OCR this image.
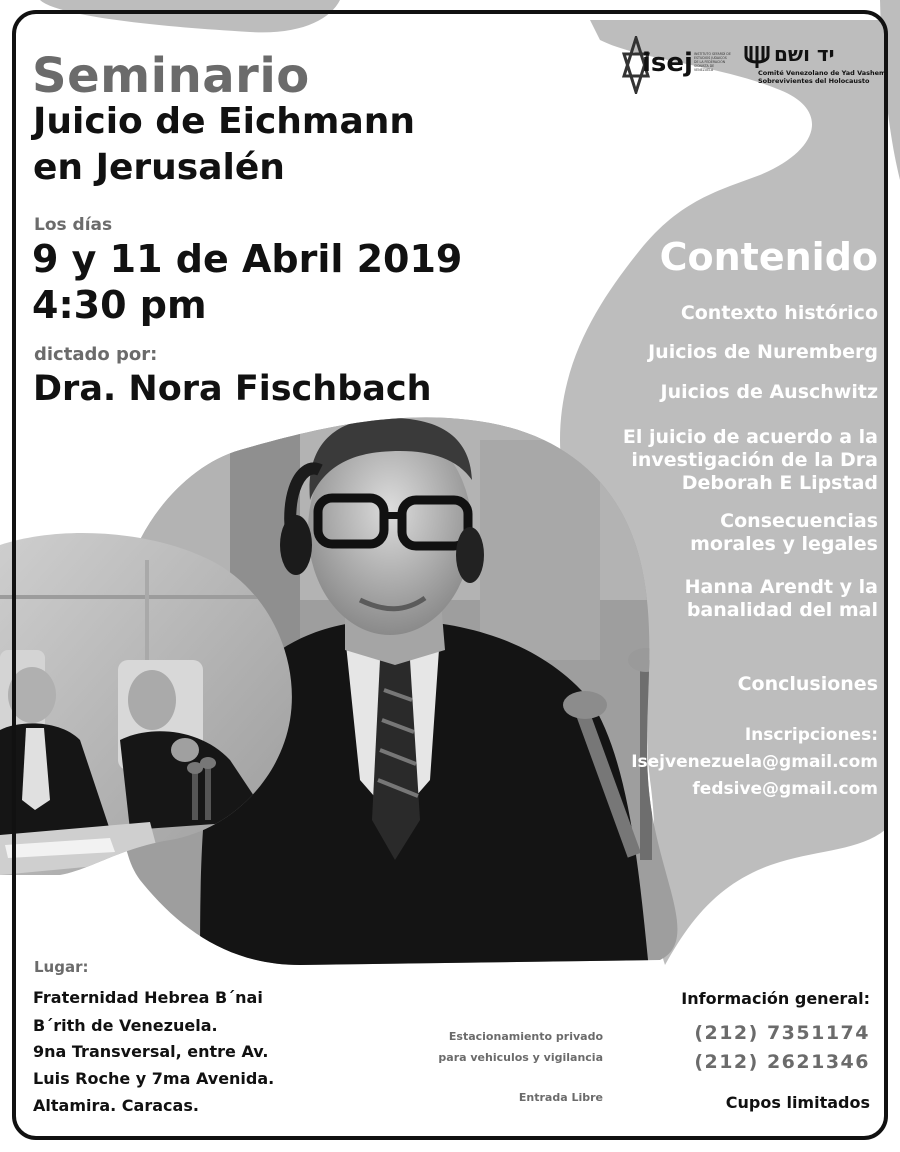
Seminario
Juicio de Eichmann
en Jerusalén
Los días
9 y 11 de Abril 2019
4:30 pm
dictado por:
Dra. Nora Fischbach
isej INSTITUTO SEFARDÍ DE ESTUDIOS JUDAICOS DE LA FEDERACIÓN SIONISTA DE VENEZUELA
יד ושם
Comité Venezolano de Yad Vashem
Sobrevivientes del Holocausto
Contenido
Contexto histórico
Juicios de Nuremberg
Juicios de Auschwitz
El juicio de acuerdo a la
investigación de la Dra
Deborah E Lipstad
Consecuencias
morales y legales
Hanna Arendt y la
banalidad del mal
Conclusiones
Inscripciones:
Isejvenezuela@gmail.com
fedsive@gmail.com
Lugar:
Fraternidad Hebrea B´nai
B´rith de Venezuela.
9na Transversal, entre Av.
Luis Roche y 7ma Avenida.
Altamira. Caracas.
Estacionamiento privado
para vehiculos y vigilancia
Entrada Libre
Información general:
(212) 7351174
(212) 2621346
Cupos limitados
